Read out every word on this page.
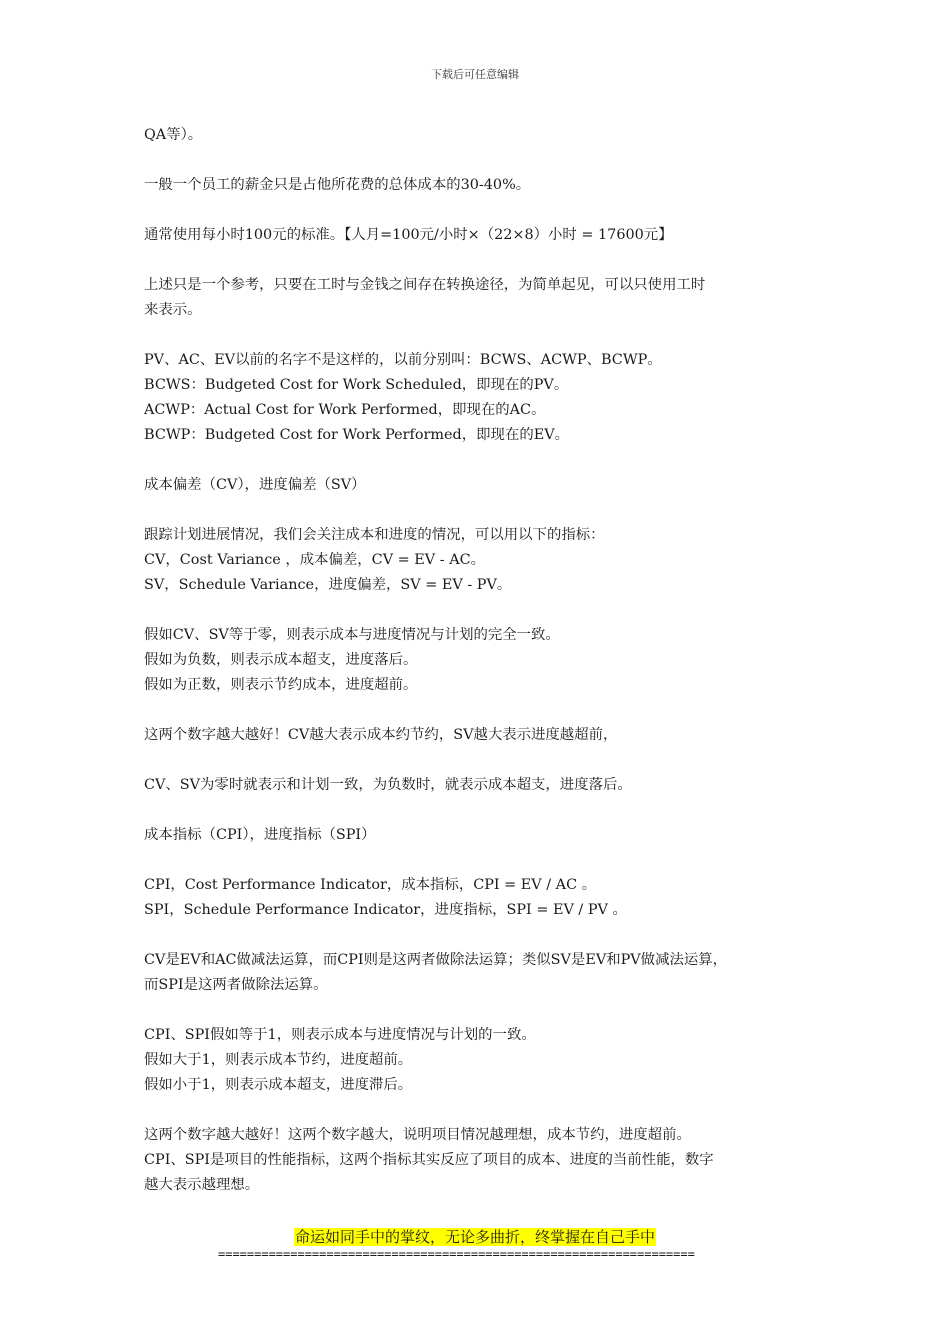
下载后可任意编辑

QA等）。

一般一个员工的薪金只是占他所花费的总体成本的30-40%。

通常使用每小时100元的标准。【人月=100元/小时×（22×8）小时 = 17600元】

上述只是一个参考，只要在工时与金钱之间存在转换途径，为简单起见，可以只使用工时
来表示。

PV、AC、EV以前的名字不是这样的，以前分别叫：BCWS、ACWP、BCWP。
BCWS：Budgeted Cost for Work Scheduled，即现在的PV。
ACWP：Actual Cost for Work Performed，即现在的AC。
BCWP：Budgeted Cost for Work Performed，即现在的EV。

成本偏差（CV），进度偏差（SV）

跟踪计划进展情况，我们会关注成本和进度的情况，可以用以下的指标：
CV，Cost Variance ，成本偏差，CV = EV - AC。
SV，Schedule Variance，进度偏差，SV = EV - PV。

假如CV、SV等于零，则表示成本与进度情况与计划的完全一致。
假如为负数，则表示成本超支，进度落后。
假如为正数，则表示节约成本，进度超前。

这两个数字越大越好！CV越大表示成本约节约，SV越大表示进度越超前，

CV、SV为零时就表示和计划一致，为负数时，就表示成本超支，进度落后。

成本指标（CPI），进度指标（SPI）

CPI，Cost Performance Indicator，成本指标，CPI = EV / AC 。
SPI，Schedule Performance Indicator，进度指标，SPI = EV / PV 。

CV是EV和AC做减法运算，而CPI则是这两者做除法运算；类似SV是EV和PV做减法运算，
而SPI是这两者做除法运算。

CPI、SPI假如等于1，则表示成本与进度情况与计划的一致。
假如大于1，则表示成本节约，进度超前。
假如小于1，则表示成本超支，进度滞后。

这两个数字越大越好！这两个数字越大，说明项目情况越理想，成本节约，进度超前。
CPI、SPI是项目的性能指标，这两个指标其实反应了项目的成本、进度的当前性能，数字
越大表示越理想。

命运如同手中的掌纹，无论多曲折，终掌握在自己手中
==================================================================
